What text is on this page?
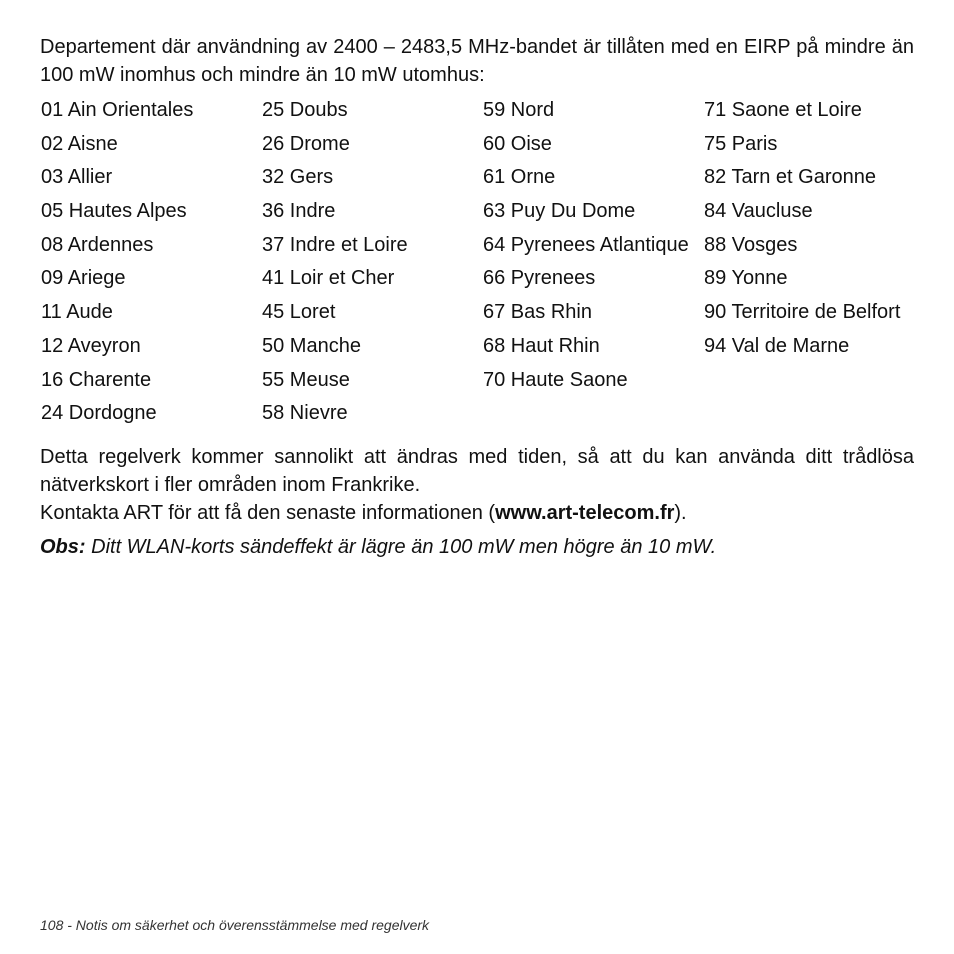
Departement där användning av 2400 – 2483,5 MHz-bandet är tillåten med en EIRP på mindre än 100 mW inomhus och mindre än 10 mW utomhus:

01 Ain Orientales
02 Aisne
03 Allier
05 Hautes Alpes
08 Ardennes
09 Ariege
11 Aude
12 Aveyron
16 Charente
24 Dordogne
25 Doubs
26 Drome
32 Gers
36 Indre
37 Indre et Loire
41 Loir et Cher
45 Loret
50 Manche
55 Meuse
58 Nievre
59 Nord
60 Oise
61 Orne
63 Puy Du Dome
64 Pyrenees Atlantique
66 Pyrenees
67 Bas Rhin
68 Haut Rhin
70 Haute Saone
71 Saone et Loire
75 Paris
82 Tarn et Garonne
84 Vaucluse
88 Vosges
89 Yonne
90 Territoire de Belfort
94 Val de Marne

Detta regelverk kommer sannolikt att ändras med tiden, så att du kan använda ditt trådlösa nätverkskort i fler områden inom Frankrike.

Kontakta ART för att få den senaste informationen (www.art-telecom.fr).

Obs: Ditt WLAN-korts sändeffekt är lägre än 100 mW men högre än 10 mW.

108 - Notis om säkerhet och överensstämmelse med regelverk
